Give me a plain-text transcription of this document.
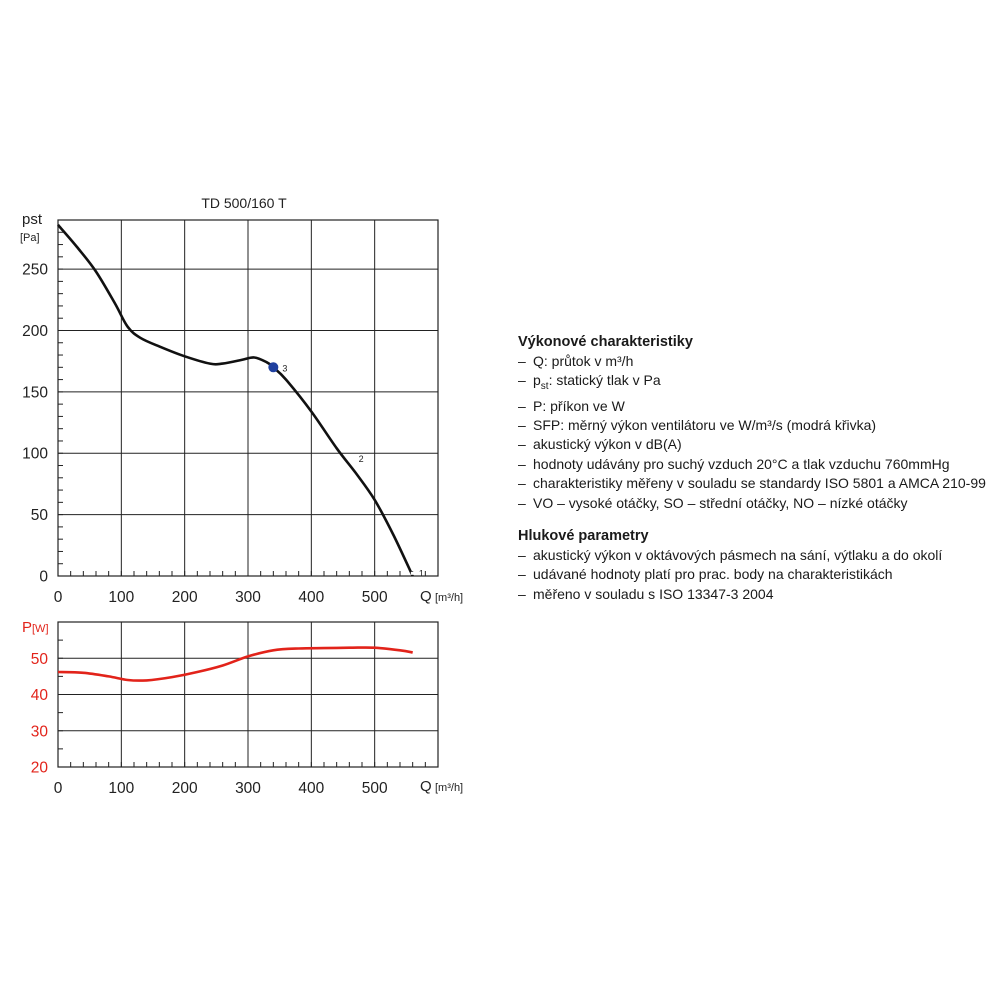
TD 500/160 T
3
2
1
0	100 200 300 400 500
0
50
100
150
200
250
pst
[Pa]
Q [m³/h]
0	100 200 300 400 500
20
30
40
50
P [W]
Q [m³/h]
Výkonové charakteristiky
– Q: průtok v m³/h
– $p_{st}$: statický tlak v Pa
– P: příkon ve W
– SFP: měrný výkon ventilátoru ve W/m³/s (modrá křivka)
– akustický výkon v dB(A)
– hodnoty udávány pro suchý vzduch 20°C a tlak vzduchu 760mmHg
– charakteristiky měřeny v souladu se standardy ISO 5801 a AMCA 210-99
– VO – vysoké otáčky, SO – střední otáčky, NO – nízké otáčky
Hlukové parametry
– akustický výkon v oktávových pásmech na sání, výtlaku a do okolí
– udávané hodnoty platí pro prac. body na charakteristikách
– měřeno v souladu s ISO 13347-3 2004
